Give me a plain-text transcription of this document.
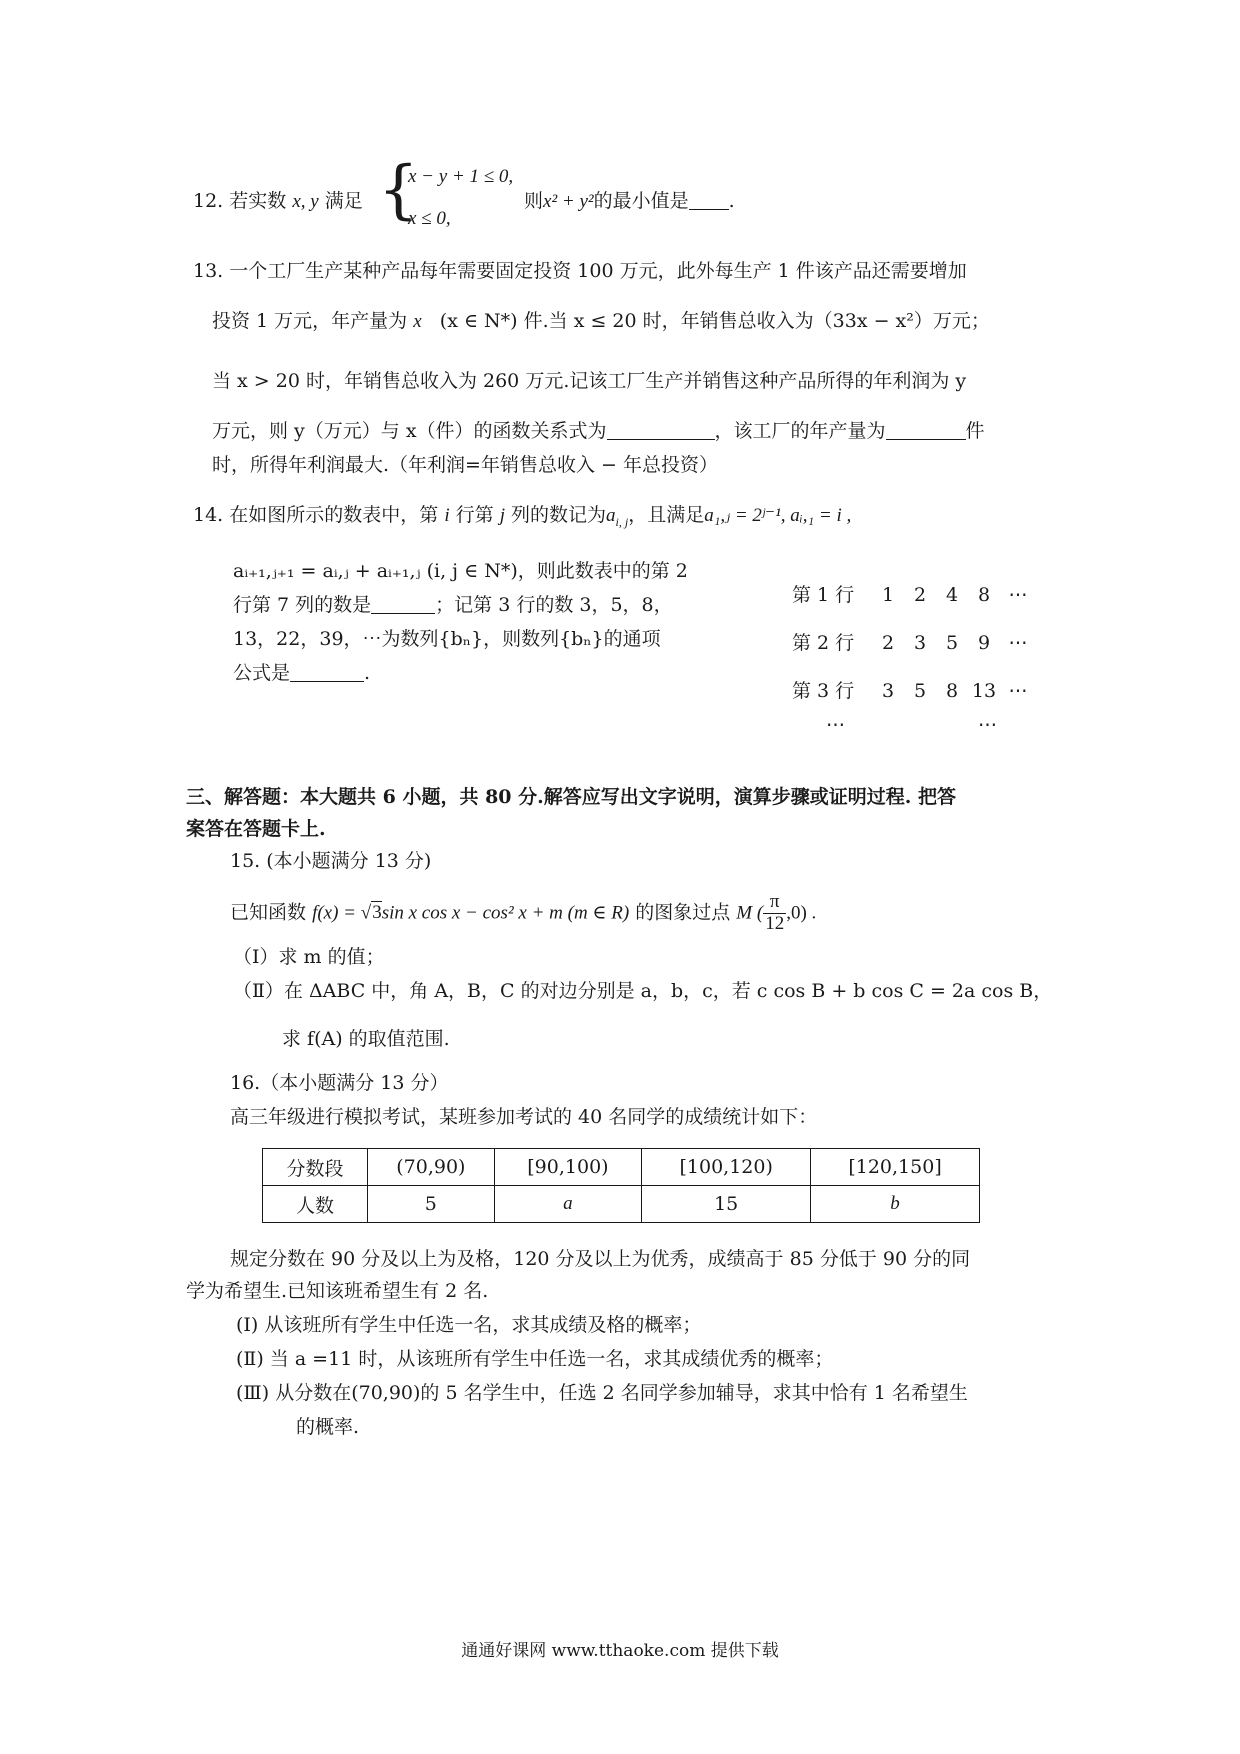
12. 若实数 x, y 满足 {
x − y + 1 ≤ 0,
x ≤ 0,
则x² + y²的最小值是 .
13. 一个工厂生产某种产品每年需要固定投资 100 万元，此外每生产 1 件该产品还需要增加
投资 1 万元，年产量为 x (x ∈ N*) 件.当 x ≤ 20 时，年销售总收入为（33x − x²）万元；
当 x > 20 时，年销售总收入为 260 万元.记该工厂生产并销售这种产品所得的年利润为 y
万元，则 y（万元）与 x（件）的函数关系式为	，该工厂的年产量为	件
时，所得年利润最大.（年利润=年销售总收入 − 年总投资）
14. 在如图所示的数表中，第 i 行第 j 列的数记为$a_{i, j}$，且满足a₁,ⱼ = 2ʲ⁻¹, aᵢ,₁ = i ,
aᵢ₊₁,ⱼ₊₁ = aᵢ,ⱼ + aᵢ₊₁,ⱼ (i, j ∈ N*)，则此数表中的第 2
行第 7 列的数是	；记第 3 行的数 3，5，8，
13，22，39，⋯为数列{bₙ}，则数列{bₙ}的通项
公式是	.
第 1 行 1 2 4 8 ⋯
第 2 行 2 3 5 9 ⋯
第 3 行 3 5 8 13 ⋯
⋯	⋯
三、解答题：本大题共 6 小题，共 80 分.解答应写出文字说明，演算步骤或证明过程. 把答
案答在答题卡上.
15. (本小题满分 13 分)
已知函数 f(x) = √3sin x cos x − cos² x + m (m ∈ R) 的图象过点 M ( $\frac{\pi}{12} ,0$) .
（Ⅰ）求 m 的值；
（Ⅱ）在 ΔABC 中，角 A，B，C 的对边分别是 a，b，c，若 c cos B + b cos C = 2a cos B，
求 f(A) 的取值范围.
16.（本小题满分 13 分）
高三年级进行模拟考试，某班参加考试的 40 名同学的成绩统计如下：
分数段	(70,90)	[90,100)	[100,120)	[120,150]
人数	5	a	15	b
规定分数在 90 分及以上为及格，120 分及以上为优秀，成绩高于 85 分低于 90 分的同
学为希望生.已知该班希望生有 2 名.
(Ⅰ) 从该班所有学生中任选一名，求其成绩及格的概率；
(Ⅱ) 当 a =11 时，从该班所有学生中任选一名，求其成绩优秀的概率；
(Ⅲ) 从分数在(70,90)的 5 名学生中，任选 2 名同学参加辅导，求其中恰有 1 名希望生
的概率.
通通好课网 www.tthaoke.com 提供下载
